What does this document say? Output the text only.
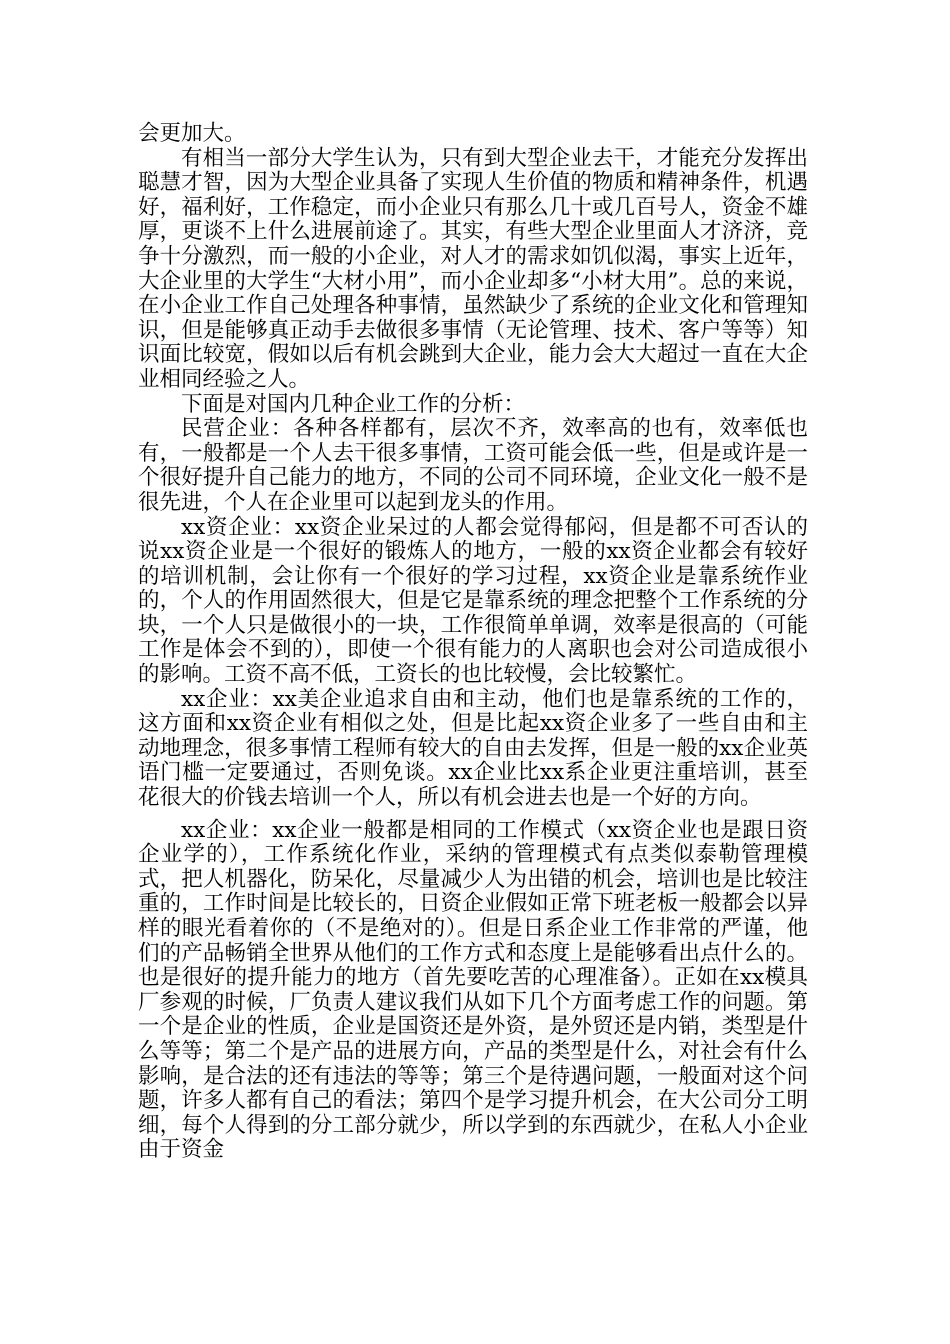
会更加大。

有相当一部分大学生认为，只有到大型企业去干，才能充分发挥出聪慧才智，因为大型企业具备了实现人生价值的物质和精神条件，机遇好，福利好，工作稳定，而小企业只有那么几十或几百号人，资金不雄厚，更谈不上什么进展前途了。其实，有些大型企业里面人才济济，竞争十分激烈，而一般的小企业，对人才的需求如饥似渴，事实上近年，大企业里的大学生“大材小用”，而小企业却多“小材大用”。总的来说，在小企业工作自己处理各种事情，虽然缺少了系统的企业文化和管理知识，但是能够真正动手去做很多事情（无论管理、技术、客户等等）知识面比较宽，假如以后有机会跳到大企业，能力会大大超过一直在大企业相同经验之人。

下面是对国内几种企业工作的分析：

民营企业：各种各样都有，层次不齐，效率高的也有，效率低也有，一般都是一个人去干很多事情，工资可能会低一些，但是或许是一个很好提升自己能力的地方，不同的公司不同环境，企业文化一般不是很先进，个人在企业里可以起到龙头的作用。

xx资企业：xx资企业呆过的人都会觉得郁闷，但是都不可否认的说xx资企业是一个很好的锻炼人的地方，一般的xx资企业都会有较好的培训机制，会让你有一个很好的学习过程，xx资企业是靠系统作业的，个人的作用固然很大，但是它是靠系统的理念把整个工作系统的分块，一个人只是做很小的一块，工作很简单单调，效率是很高的（可能工作是体会不到的），即使一个很有能力的人离职也会对公司造成很小的影响。工资不高不低，工资长的也比较慢，会比较繁忙。

xx企业：xx美企业追求自由和主动，他们也是靠系统的工作的，这方面和xx资企业有相似之处，但是比起xx资企业多了一些自由和主动地理念，很多事情工程师有较大的自由去发挥，但是一般的xx企业英语门槛一定要通过，否则免谈。xx企业比xx系企业更注重培训，甚至花很大的价钱去培训一个人，所以有机会进去也是一个好的方向。

xx企业：xx企业一般都是相同的工作模式（xx资企业也是跟日资企业学的），工作系统化作业，采纳的管理模式有点类似泰勒管理模式，把人机器化，防呆化，尽量减少人为出错的机会，培训也是比较注重的，工作时间是比较长的，日资企业假如正常下班老板一般都会以异样的眼光看着你的（不是绝对的）。但是日系企业工作非常的严谨，他们的产品畅销全世界从他们的工作方式和态度上是能够看出点什么的。也是很好的提升能力的地方（首先要吃苦的心理准备）。正如在xx模具厂参观的时候，厂负责人建议我们从如下几个方面考虑工作的问题。第一个是企业的性质，企业是国资还是外资，是外贸还是内销，类型是什么等等；第二个是产品的进展方向，产品的类型是什么，对社会有什么影响，是合法的还有违法的等等；第三个是待遇问题，一般面对这个问题，许多人都有自己的看法；第四个是学习提升机会，在大公司分工明细，每个人得到的分工部分就少，所以学到的东西就少，在私人小企业由于资金
